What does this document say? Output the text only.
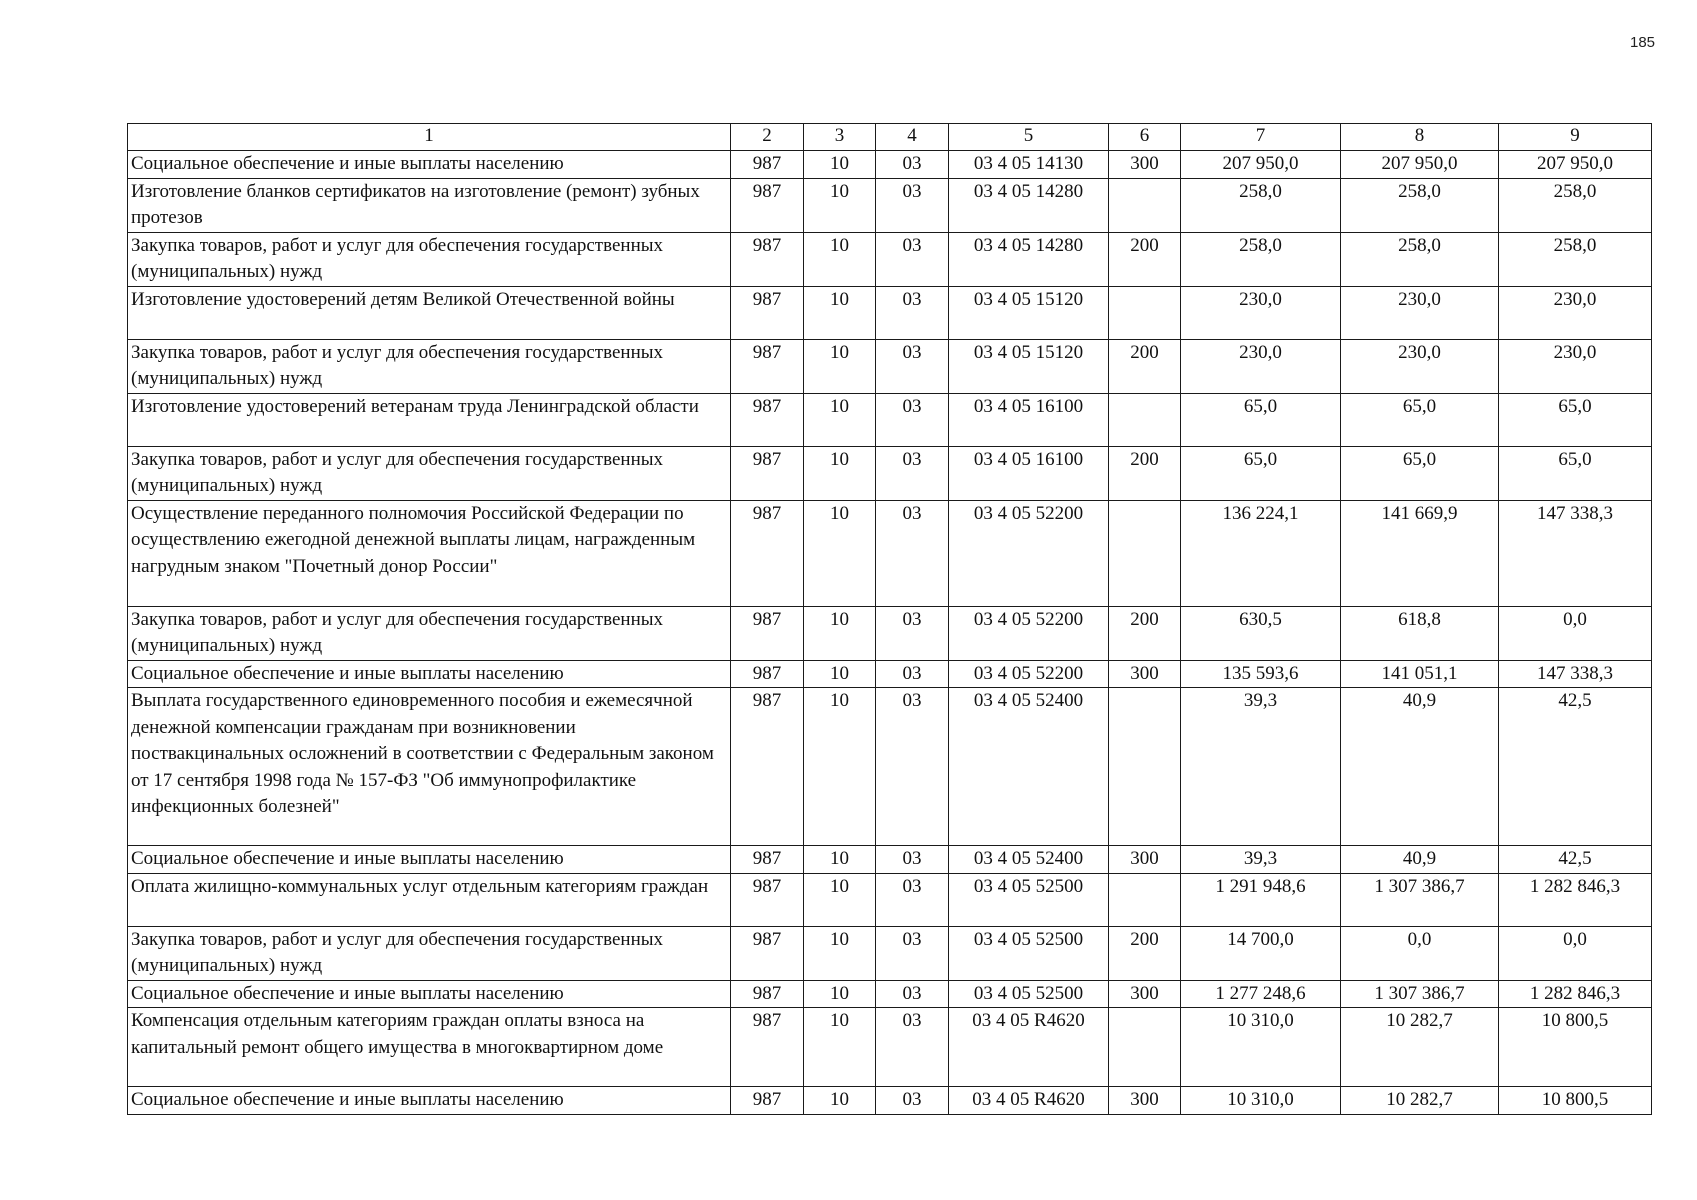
185
1	2	3	4	5	6	7	8	9
Социальное обеспечение и иные выплаты населению	987	10	03	03 4 05 14130	300	207 950,0	207 950,0	207 950,0
Изготовление бланков сертификатов на изготовление (ремонт) зубных протезов	987	10	03	03 4 05 14280		258,0	258,0	258,0
Закупка товаров, работ и услуг для обеспечения государственных (муниципальных) нужд	987	10	03	03 4 05 14280	200	258,0	258,0	258,0
Изготовление удостоверений детям Великой Отечественной войны	987	10	03	03 4 05 15120		230,0	230,0	230,0
Закупка товаров, работ и услуг для обеспечения государственных (муниципальных) нужд	987	10	03	03 4 05 15120	200	230,0	230,0	230,0
Изготовление удостоверений ветеранам труда Ленинградской области	987	10	03	03 4 05 16100		65,0	65,0	65,0
Закупка товаров, работ и услуг для обеспечения государственных (муниципальных) нужд	987	10	03	03 4 05 16100	200	65,0	65,0	65,0
Осуществление переданного полномочия Российской Федерации по осуществлению ежегодной денежной выплаты лицам, награжденным нагрудным знаком "Почетный донор России"	987	10	03	03 4 05 52200		136 224,1	141 669,9	147 338,3
Закупка товаров, работ и услуг для обеспечения государственных (муниципальных) нужд	987	10	03	03 4 05 52200	200	630,5	618,8	0,0
Социальное обеспечение и иные выплаты населению	987	10	03	03 4 05 52200	300	135 593,6	141 051,1	147 338,3
Выплата государственного единовременного пособия и ежемесячной денежной компенсации гражданам при возникновении поствакцинальных осложнений в соответствии с Федеральным законом от 17 сентября 1998 года № 157-ФЗ "Об иммунопрофилактике инфекционных болезней"	987	10	03	03 4 05 52400		39,3	40,9	42,5
Социальное обеспечение и иные выплаты населению	987	10	03	03 4 05 52400	300	39,3	40,9	42,5
Оплата жилищно-коммунальных услуг отдельным категориям граждан	987	10	03	03 4 05 52500		1 291 948,6	1 307 386,7	1 282 846,3
Закупка товаров, работ и услуг для обеспечения государственных (муниципальных) нужд	987	10	03	03 4 05 52500	200	14 700,0	0,0	0,0
Социальное обеспечение и иные выплаты населению	987	10	03	03 4 05 52500	300	1 277 248,6	1 307 386,7	1 282 846,3
Компенсация отдельным категориям граждан оплаты взноса на капитальный ремонт общего имущества в многоквартирном доме	987	10	03	03 4 05 R4620		10 310,0	10 282,7	10 800,5
Социальное обеспечение и иные выплаты населению	987	10	03	03 4 05 R4620	300	10 310,0	10 282,7	10 800,5
